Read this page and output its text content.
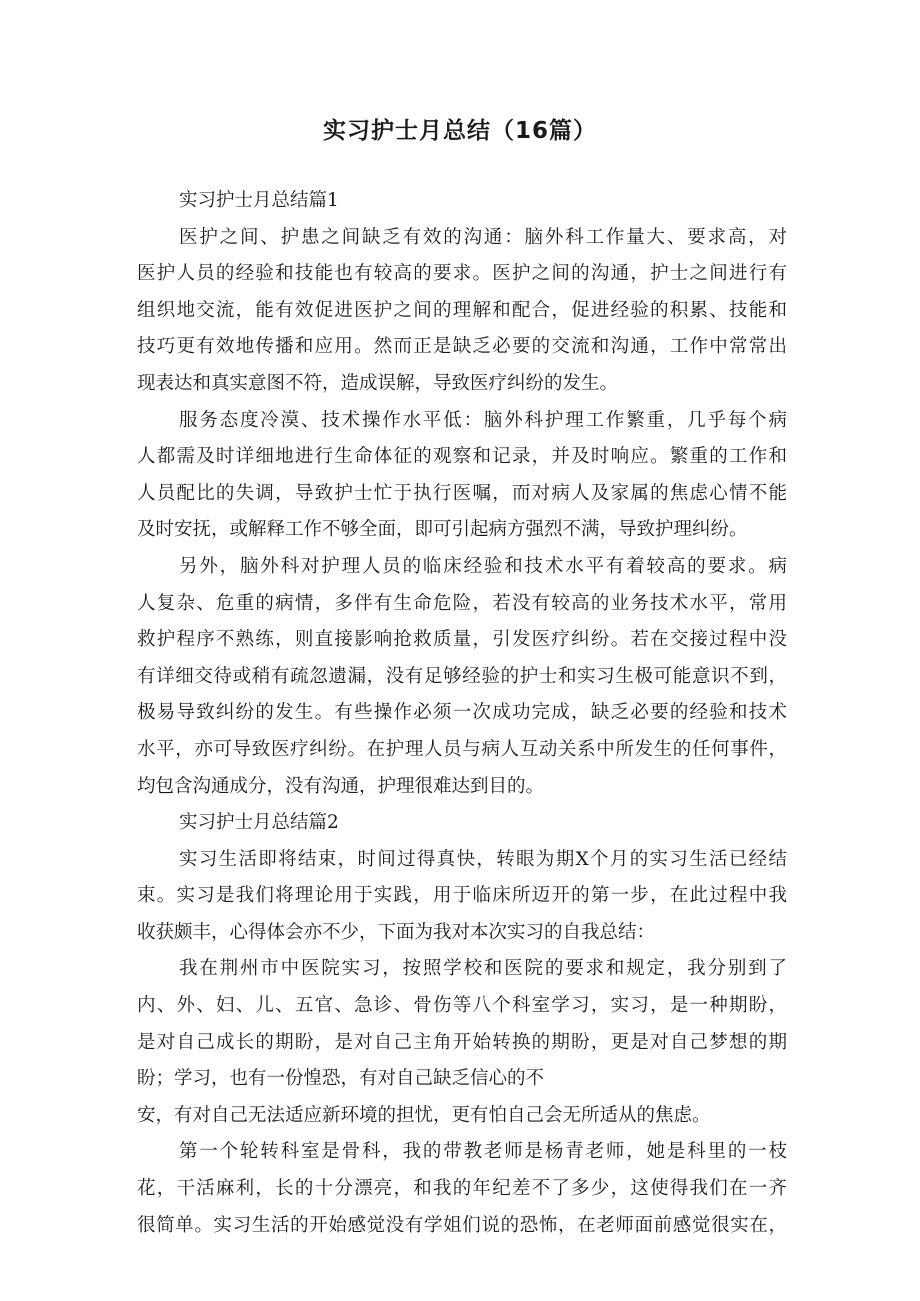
实习护士月总结（16篇）
实习护士月总结篇1
医护之间、护患之间缺乏有效的沟通：脑外科工作量大、要求高，对
医护人员的经验和技能也有较高的要求。医护之间的沟通，护士之间进行有
组织地交流，能有效促进医护之间的理解和配合，促进经验的积累、技能和
技巧更有效地传播和应用。然而正是缺乏必要的交流和沟通，工作中常常出
现表达和真实意图不符，造成误解，导致医疗纠纷的发生。
服务态度冷漠、技术操作水平低：脑外科护理工作繁重，几乎每个病
人都需及时详细地进行生命体征的观察和记录，并及时响应。繁重的工作和
人员配比的失调，导致护士忙于执行医嘱，而对病人及家属的焦虑心情不能
及时安抚，或解释工作不够全面，即可引起病方强烈不满，导致护理纠纷。
另外，脑外科对护理人员的临床经验和技术水平有着较高的要求。病
人复杂、危重的病情，多伴有生命危险，若没有较高的业务技术水平，常用
救护程序不熟练，则直接影响抢救质量，引发医疗纠纷。若在交接过程中没
有详细交待或稍有疏忽遗漏，没有足够经验的护士和实习生极可能意识不到，
极易导致纠纷的发生。有些操作必须一次成功完成，缺乏必要的经验和技术
水平，亦可导致医疗纠纷。在护理人员与病人互动关系中所发生的任何事件，
均包含沟通成分，没有沟通，护理很难达到目的。
实习护士月总结篇2
实习生活即将结束，时间过得真快，转眼为期X个月的实习生活已经结
束。实习是我们将理论用于实践，用于临床所迈开的第一步，在此过程中我
收获颇丰，心得体会亦不少，下面为我对本次实习的自我总结：
我在荆州市中医院实习，按照学校和医院的要求和规定，我分别到了
内、外、妇、儿、五官、急诊、骨伤等八个科室学习，实习，是一种期盼，
是对自己成长的期盼，是对自己主角开始转换的期盼，更是对自己梦想的期
盼；学习，也有一份惶恐，有对自己缺乏信心的不
安，有对自己无法适应新环境的担忧，更有怕自己会无所适从的焦虑。
第一个轮转科室是骨科，我的带教老师是杨青老师，她是科里的一枝
花，干活麻利，长的十分漂亮，和我的年纪差不了多少，这使得我们在一齐
很简单。实习生活的开始感觉没有学姐们说的恐怖，在老师面前感觉很实在，
